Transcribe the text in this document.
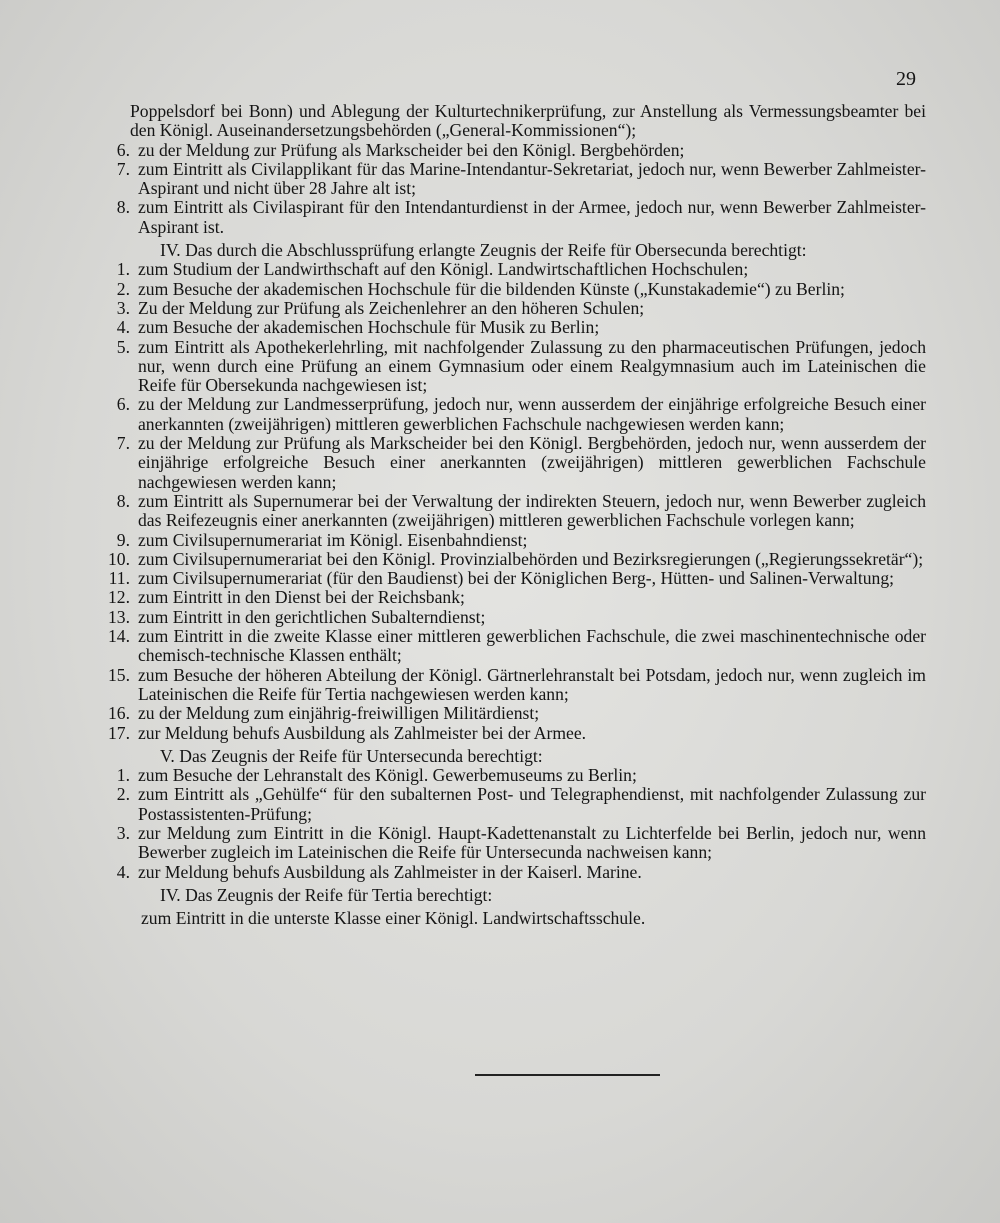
29
Poppelsdorf bei Bonn) und Ablegung der Kulturtechnikerprüfung, zur Anstellung als Vermessungsbeamter bei den Königl. Auseinandersetzungsbehörden („General-Kommissionen“);
6. zu der Meldung zur Prüfung als Markscheider bei den Königl. Bergbehörden;
7. zum Eintritt als Civilapplikant für das Marine-Intendantur-Sekretariat, jedoch nur, wenn Bewerber Zahlmeister-Aspirant und nicht über 28 Jahre alt ist;
8. zum Eintritt als Civilaspirant für den Intendanturdienst in der Armee, jedoch nur, wenn Bewerber Zahlmeister-Aspirant ist.
IV. Das durch die Abschlussprüfung erlangte Zeugnis der Reife für Obersecunda berechtigt:
1. zum Studium der Landwirthschaft auf den Königl. Landwirtschaftlichen Hochschulen;
2. zum Besuche der akademischen Hochschule für die bildenden Künste („Kunstakademie“) zu Berlin;
3. Zu der Meldung zur Prüfung als Zeichenlehrer an den höheren Schulen;
4. zum Besuche der akademischen Hochschule für Musik zu Berlin;
5. zum Eintritt als Apothekerlehrling, mit nachfolgender Zulassung zu den pharmaceutischen Prüfungen, jedoch nur, wenn durch eine Prüfung an einem Gymnasium oder einem Realgymnasium auch im Lateinischen die Reife für Obersekunda nachgewiesen ist;
6. zu der Meldung zur Landmesserprüfung, jedoch nur, wenn ausserdem der einjährige erfolgreiche Besuch einer anerkannten (zweijährigen) mittleren gewerblichen Fachschule nachgewiesen werden kann;
7. zu der Meldung zur Prüfung als Markscheider bei den Königl. Bergbehörden, jedoch nur, wenn ausserdem der einjährige erfolgreiche Besuch einer anerkannten (zweijährigen) mittleren gewerblichen Fachschule nachgewiesen werden kann;
8. zum Eintritt als Supernumerar bei der Verwaltung der indirekten Steuern, jedoch nur, wenn Bewerber zugleich das Reifezeugnis einer anerkannten (zweijährigen) mittleren gewerblichen Fachschule vorlegen kann;
9. zum Civilsupernumerariat im Königl. Eisenbahndienst;
10. zum Civilsupernumerariat bei den Königl. Provinzialbehörden und Bezirksregierungen („Regierungssekretär“);
11. zum Civilsupernumerariat (für den Baudienst) bei der Königlichen Berg-, Hütten- und Salinen-Verwaltung;
12. zum Eintritt in den Dienst bei der Reichsbank;
13. zum Eintritt in den gerichtlichen Subalterndienst;
14. zum Eintritt in die zweite Klasse einer mittleren gewerblichen Fachschule, die zwei maschinentechnische oder chemisch-technische Klassen enthält;
15. zum Besuche der höheren Abteilung der Königl. Gärtnerlehranstalt bei Potsdam, jedoch nur, wenn zugleich im Lateinischen die Reife für Tertia nachgewiesen werden kann;
16. zu der Meldung zum einjährig-freiwilligen Militärdienst;
17. zur Meldung behufs Ausbildung als Zahlmeister bei der Armee.
V. Das Zeugnis der Reife für Untersecunda berechtigt:
1. zum Besuche der Lehranstalt des Königl. Gewerbemuseums zu Berlin;
2. zum Eintritt als „Gehülfe“ für den subalternen Post- und Telegraphendienst, mit nachfolgender Zulassung zur Postassistenten-Prüfung;
3. zur Meldung zum Eintritt in die Königl. Haupt-Kadettenanstalt zu Lichterfelde bei Berlin, jedoch nur, wenn Bewerber zugleich im Lateinischen die Reife für Untersecunda nachweisen kann;
4. zur Meldung behufs Ausbildung als Zahlmeister in der Kaiserl. Marine.
IV. Das Zeugnis der Reife für Tertia berechtigt:
zum Eintritt in die unterste Klasse einer Königl. Landwirtschaftsschule.
